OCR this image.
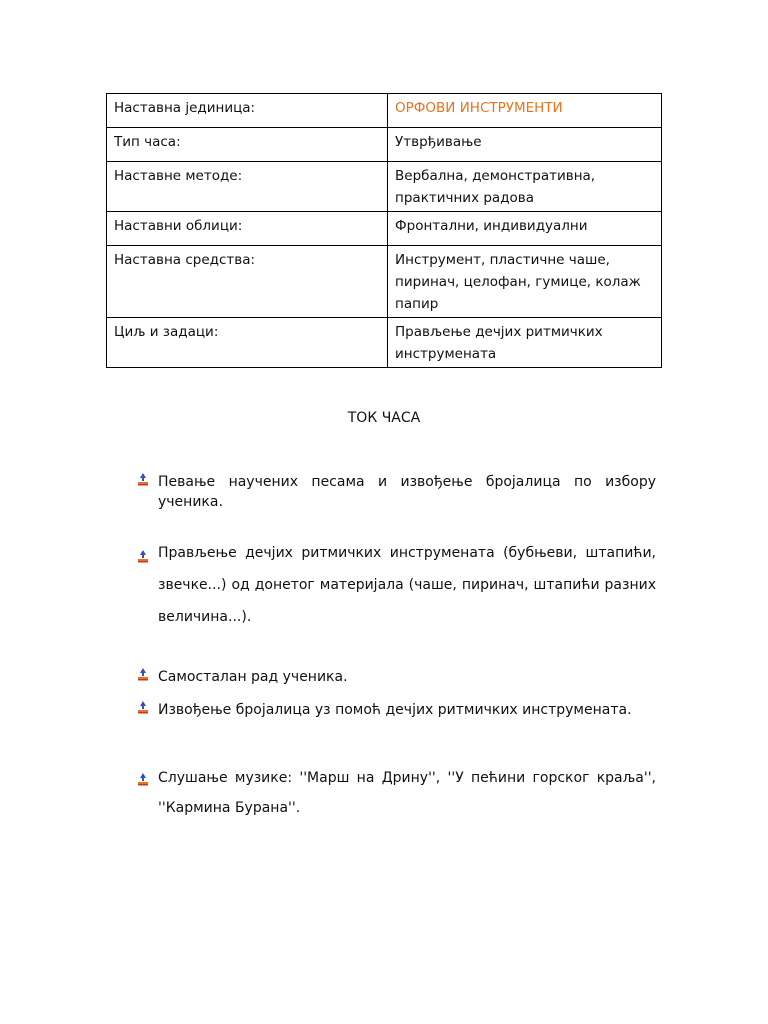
Наставна јединица:	ОРФОВИ ИНСТРУМЕНТИ
Тип часа:	Утврђивање
Наставне методе:	Вербална, демонстративна, практичних радова
Наставни облици:	Фронтални, индивидуални
Наставна средства:	Инструмент, пластичне чаше, пиринач, целофан, гумице, колаж папир
Циљ и задаци:	Прављење дечјих ритмичких инструмената
ТОК ЧАСА
Певање научених песама и извођење бројалица по избору ученика.
Прављење дечјих ритмичких инструмената (бубњеви, штапићи, звечке...) од донетог материјала (чаше, пиринач, штапићи разних величина...).
Самосталан рад ученика.
Извођење бројалица уз помоћ дечјих ритмичких инструмената.
Слушање музике: ''Марш на Дрину'', ''У пећини горског краља'', ''Кармина Бурана''.
